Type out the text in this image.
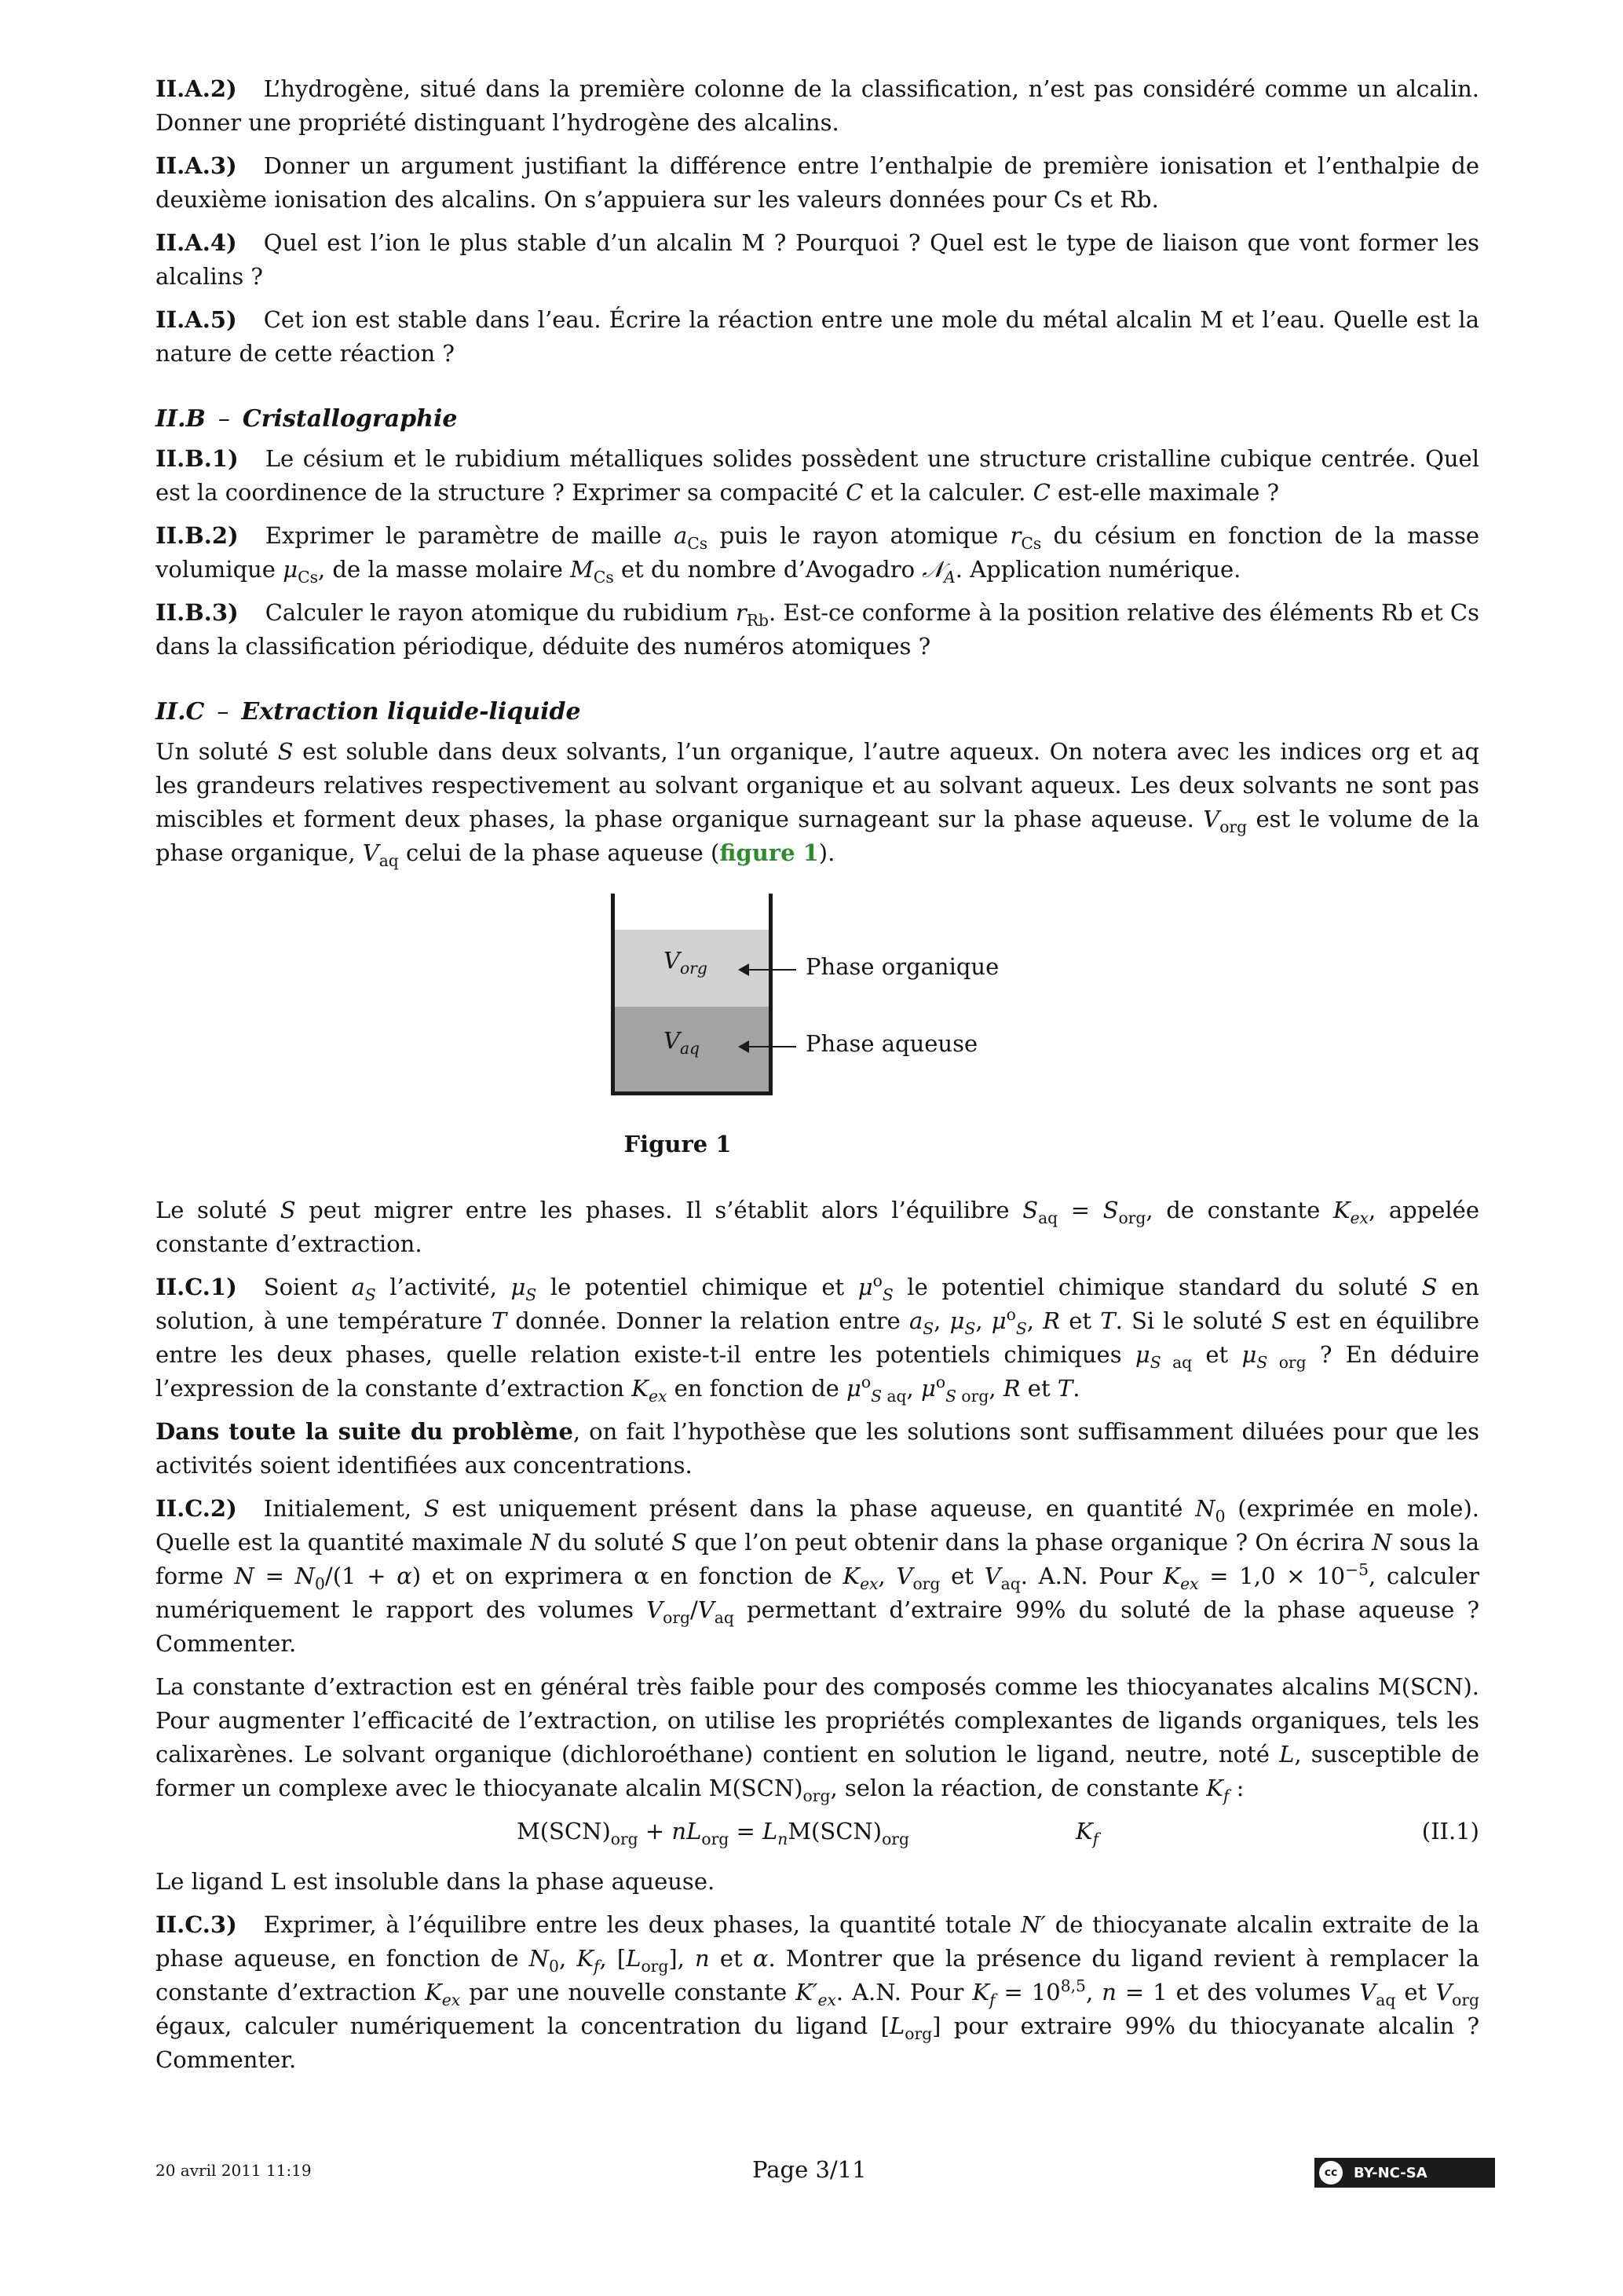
II.A.2) L’hydrogène, situé dans la première colonne de la classification, n’est pas considéré comme un alcalin. Donner une propriété distinguant l’hydrogène des alcalins.

II.A.3) Donner un argument justifiant la différence entre l’enthalpie de première ionisation et l’enthalpie de deuxième ionisation des alcalins. On s’appuiera sur les valeurs données pour Cs et Rb.

II.A.4) Quel est l’ion le plus stable d’un alcalin M ? Pourquoi ? Quel est le type de liaison que vont former les alcalins ?

II.A.5) Cet ion est stable dans l’eau. Écrire la réaction entre une mole du métal alcalin M et l’eau. Quelle est la nature de cette réaction ?

II.B – Cristallographie

II.B.1) Le césium et le rubidium métalliques solides possèdent une structure cristalline cubique centrée. Quel est la coordinence de la structure ? Exprimer sa compacité C et la calculer. C est-elle maximale ?

II.B.2) Exprimer le paramètre de maille $a_{Cs}$ puis le rayon atomique $r_{Cs}$ du césium en fonction de la masse volumique $\mu_{Cs}$, de la masse molaire $M_{Cs}$ et du nombre d’Avogadro 𝒩$_A$. Application numérique.

II.B.3) Calculer le rayon atomique du rubidium $r_{Rb}$. Est-ce conforme à la position relative des éléments Rb et Cs dans la classification périodique, déduite des numéros atomiques ?

II.C – Extraction liquide-liquide

Un soluté S est soluble dans deux solvants, l’un organique, l’autre aqueux. On notera avec les indices org et aq les grandeurs relatives respectivement au solvant organique et au solvant aqueux. Les deux solvants ne sont pas miscibles et forment deux phases, la phase organique surnageant sur la phase aqueuse. $V_{org}$ est le volume de la phase organique, $V_{aq}$ celui de la phase aqueuse (figure 1).

$V_{org}$
$V_{aq}$
Phase organique
Phase aqueuse
Figure 1

Le soluté S peut migrer entre les phases. Il s’établit alors l’équilibre $S_{aq} = S_{org}$, de constante $K_{ex}$, appelée constante d’extraction.

II.C.1) Soient $a_S$ l’activité, $\mu_S$ le potentiel chimique et $\mu^o_S$ le potentiel chimique standard du soluté S en solution, à une température T donnée. Donner la relation entre $a_S$, $\mu_S$, $\mu^o_S$, R et T. Si le soluté S est en équilibre entre les deux phases, quelle relation existe-t-il entre les potentiels chimiques $\mu_{S aq}$ et $\mu_{S org}$ ? En déduire l’expression de la constante d’extraction $K_{ex}$ en fonction de $\mu^o_{S aq}$, $\mu^o_{S org}$, R et T.

Dans toute la suite du problème, on fait l’hypothèse que les solutions sont suffisamment diluées pour que les activités soient identifiées aux concentrations.

II.C.2) Initialement, S est uniquement présent dans la phase aqueuse, en quantité $N_0$ (exprimée en mole). Quelle est la quantité maximale N du soluté S que l’on peut obtenir dans la phase organique ? On écrira N sous la forme $N = N_0/(1 + \alpha)$ et on exprimera α en fonction de $K_{ex}$, $V_{org}$ et $V_{aq}$. A.N. Pour $K_{ex} = 1,0 \times 10^{-5}$, calculer numériquement le rapport des volumes $V_{org}/V_{aq}$ permettant d’extraire 99% du soluté de la phase aqueuse ? Commenter.

La constante d’extraction est en général très faible pour des composés comme les thiocyanates alcalins M(SCN). Pour augmenter l’efficacité de l’extraction, on utilise les propriétés complexantes de ligands organiques, tels les calixarènes. Le solvant organique (dichloroéthane) contient en solution le ligand, neutre, noté L, susceptible de former un complexe avec le thiocyanate alcalin $M(SCN)_{org}$, selon la réaction, de constante $K_f$ :

$M(SCN)_{org} + nL_{org} = L_nM(SCN)_{org}$	$K_f$	(II.1)

Le ligand L est insoluble dans la phase aqueuse.

II.C.3) Exprimer, à l’équilibre entre les deux phases, la quantité totale N′ de thiocyanate alcalin extraite de la phase aqueuse, en fonction de $N_0$, $K_f$, $[L_{org}]$, n et α. Montrer que la présence du ligand revient à remplacer la constante d’extraction $K_{ex}$ par une nouvelle constante $K'_{ex}$. A.N. Pour $K_f = 10^{8,5}$, n = 1 et des volumes $V_{aq}$ et $V_{org}$ égaux, calculer numériquement la concentration du ligand $[L_{org}]$ pour extraire 99% du thiocyanate alcalin ? Commenter.

20 avril 2011 11:19	Page 3/11	cc	BY-NC-SA
